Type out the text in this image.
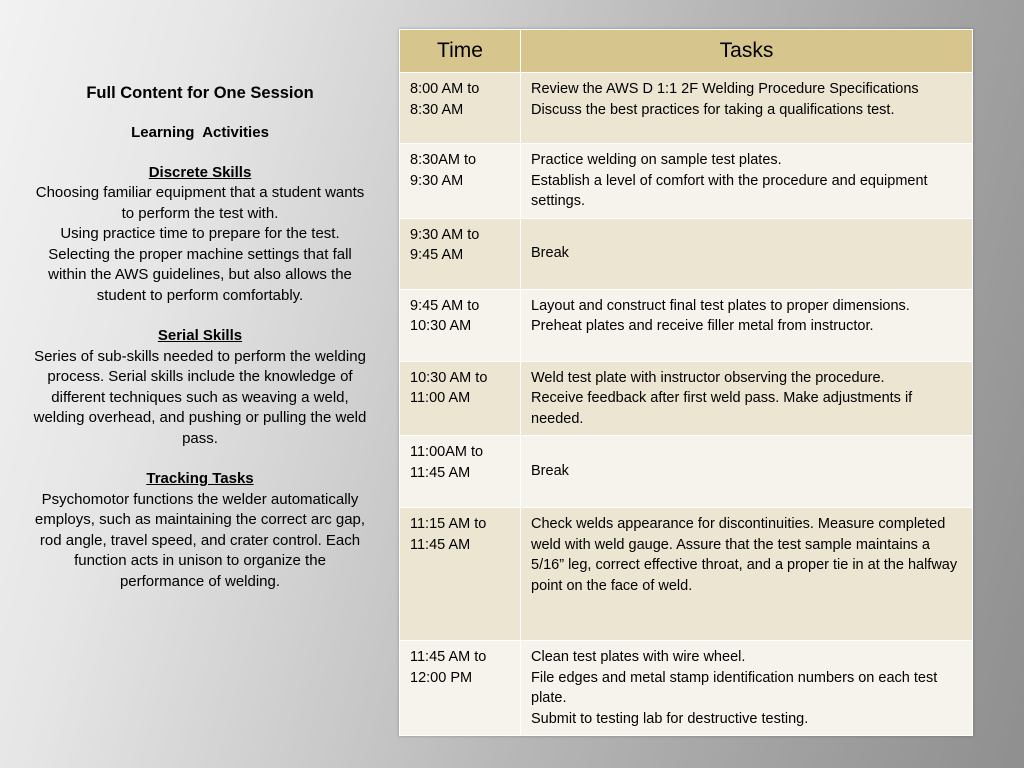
Full Content for One Session
Learning  Activities
Discrete Skills
Choosing familiar equipment that a student wants to perform the test with.
Using practice time to prepare for the test. Selecting the proper machine settings that fall within the AWS guidelines, but also allows the student to perform comfortably.
Serial Skills
Series of sub-skills needed to perform the welding process. Serial skills include the knowledge of different techniques such as weaving a weld, welding overhead, and pushing or pulling the weld pass.
Tracking Tasks
Psychomotor functions the welder automatically employs, such as maintaining the correct arc gap, rod angle, travel speed, and crater control. Each function acts in unison to organize the performance of welding.
Time	Tasks
8:00 AM to
8:30 AM	Review the AWS D 1:1 2F Welding Procedure Specifications
Discuss the best practices for taking a qualifications test.
8:30AM to
9:30 AM	Practice welding on sample test plates.
Establish a level of comfort with the procedure and equipment settings.
9:30 AM to
9:45 AM	Break
9:45 AM to
10:30 AM	Layout and construct final test plates to proper dimensions.
Preheat plates and receive filler metal from instructor.
10:30 AM to
11:00 AM	Weld test plate with instructor observing the procedure.
Receive feedback after first weld pass. Make adjustments if needed.
11:00AM to
11:45 AM	Break
11:15 AM to
11:45 AM	Check welds appearance for discontinuities. Measure completed weld with weld gauge. Assure that the test sample maintains a 5/16” leg, correct effective throat, and a proper tie in at the halfway point on the face of weld.
11:45 AM to
12:00 PM	Clean test plates with wire wheel.
File edges and metal stamp identification numbers on each test plate.
Submit to testing lab for destructive testing.
